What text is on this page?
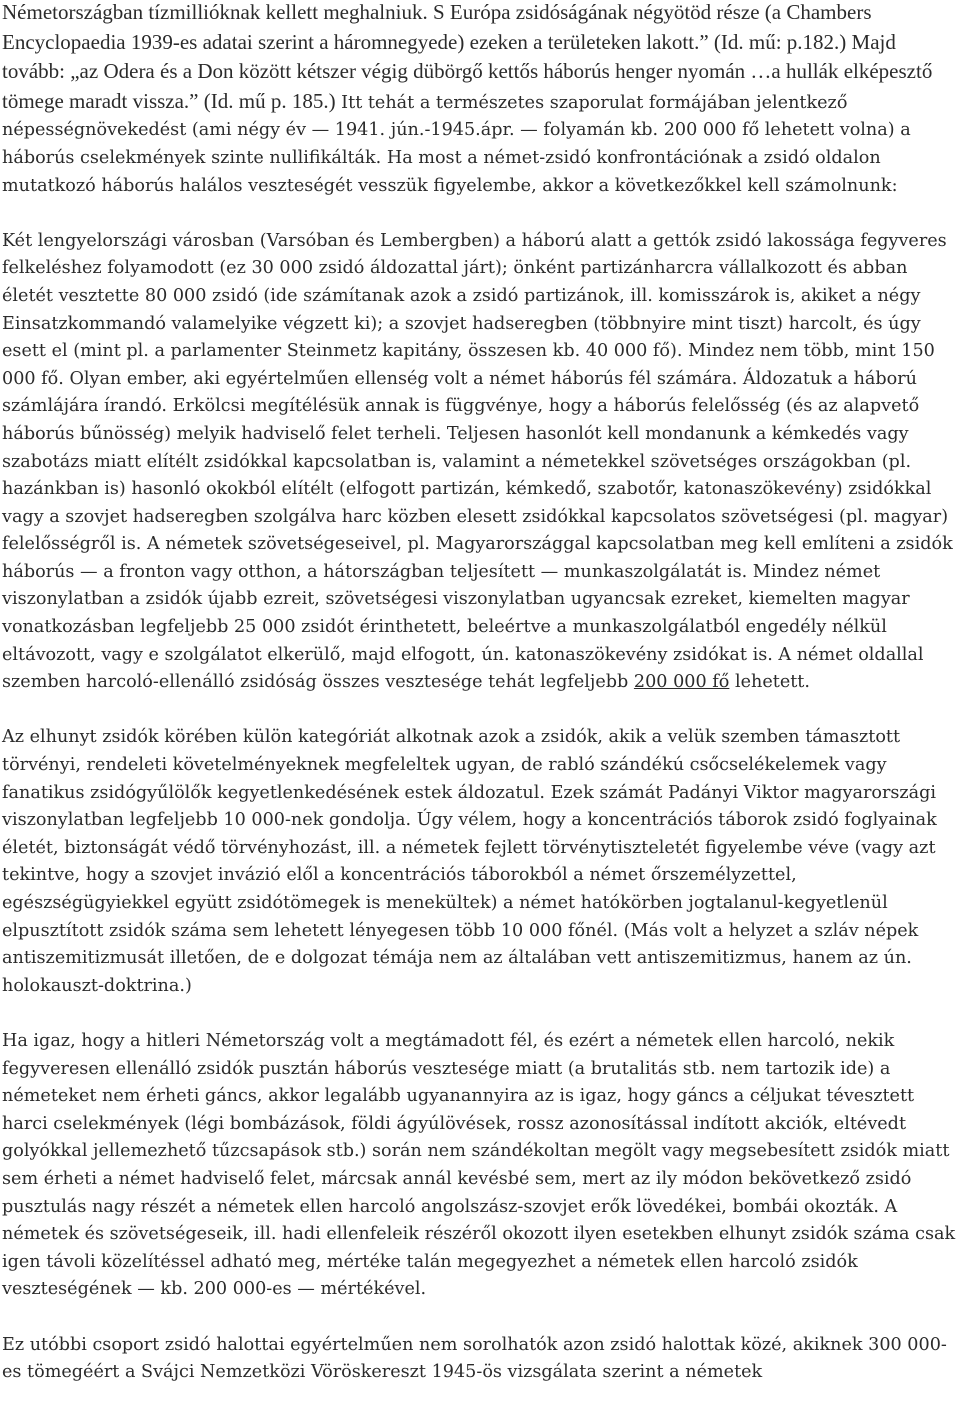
Németországban tízmillióknak kellett meghalniuk. S Európa zsidóságának négyötöd része (a Chambers Encyclopaedia 1939-es adatai szerint a háromnegyede) ezeken a területeken lakott.” (Id. mű: p.182.) Majd tovább: „az Odera és a Don között kétszer végig dübörgő kettős háborús henger nyomán …a hullák elképesztő tömege maradt vissza.” (Id. mű p. 185.) Itt tehát a természetes szaporulat formájában jelentkező népességnövekedést (ami négy év — 1941. jún.-1945.ápr. — folyamán kb. 200 000 fő lehetett volna) a háborús cselekmények szinte nullifikálták. Ha most a német-zsidó konfrontációnak a zsidó oldalon mutatkozó háborús halálos veszteségét vesszük figyelembe, akkor a következőkkel kell számolnunk:

Két lengyelországi városban (Varsóban és Lembergben) a háború alatt a gettók zsidó lakossága fegyveres felkeléshez folyamodott (ez 30 000 zsidó áldozattal járt); önként partizánharcra vállalkozott és abban életét vesztette 80 000 zsidó (ide számítanak azok a zsidó partizánok, ill. komisszárok is, akiket a négy Einsatzkommandó valamelyike végzett ki); a szovjet hadseregben (többnyire mint tiszt) harcolt, és úgy esett el (mint pl. a parlamenter Steinmetz kapitány, összesen kb. 40 000 fő). Mindez nem több, mint 150 000 fő. Olyan ember, aki egyértelműen ellenség volt a német háborús fél számára. Áldozatuk a háború számlájára írandó. Erkölcsi megítélésük annak is függvénye, hogy a háborús felelősség (és az alapvető háborús bűnösség) melyik hadviselő felet terheli. Teljesen hasonlót kell mondanunk a kémkedés vagy szabotázs miatt elítélt zsidókkal kapcsolatban is, valamint a németekkel szövetséges országokban (pl. hazánkban is) hasonló okokból elítélt (elfogott partizán, kémkedő, szabotőr, katonaszökevény) zsidókkal vagy a szovjet hadseregben szolgálva harc közben elesett zsidókkal kapcsolatos szövetségesi (pl. magyar) felelősségről is. A németek szövetségeseivel, pl. Magyarországgal kapcsolatban meg kell említeni a zsidók háborús — a fronton vagy otthon, a hátországban teljesített — munkaszolgálatát is. Mindez német viszonylatban a zsidók újabb ezreit, szövetségesi viszonylatban ugyancsak ezreket, kiemelten magyar vonatkozásban legfeljebb 25 000 zsidót érinthetett, beleértve a munkaszolgálatból engedély nélkül eltávozott, vagy e szolgálatot elkerülő, majd elfogott, ún. katonaszökevény zsidókat is. A német oldallal szemben harcoló-ellenálló zsidóság összes vesztesége tehát legfeljebb 200 000 fő lehetett.

Az elhunyt zsidók körében külön kategóriát alkotnak azok a zsidók, akik a velük szemben támasztott törvényi, rendeleti követelményeknek megfeleltek ugyan, de rabló szándékú csőcselékelemek vagy fanatikus zsidógyűlölők kegyetlenkedésének estek áldozatul. Ezek számát Padányi Viktor magyarországi viszonylatban legfeljebb 10 000-nek gondolja. Úgy vélem, hogy a koncentrációs táborok zsidó foglyainak életét, biztonságát védő törvényhozást, ill. a németek fejlett törvénytiszteletét figyelembe véve (vagy azt tekintve, hogy a szovjet invázió elől a koncentrációs táborokból a német őrszemélyzettel, egészségügyiekkel együtt zsidótömegek is menekültek) a német hatókörben jogtalanul-kegyetlenül elpusztított zsidók száma sem lehetett lényegesen több 10 000 főnél. (Más volt a helyzet a szláv népek antiszemitizmusát illetően, de e dolgozat témája nem az általában vett antiszemitizmus, hanem az ún. holokauszt-doktrina.)

Ha igaz, hogy a hitleri Németország volt a megtámadott fél, és ezért a németek ellen harcoló, nekik fegyveresen ellenálló zsidók pusztán háborús vesztesége miatt (a brutalitás stb. nem tartozik ide) a németeket nem érheti gáncs, akkor legalább ugyanannyira az is igaz, hogy gáncs a céljukat tévesztett harci cselekmények (légi bombázások, földi ágyúlövések, rossz azonosítással indított akciók, eltévedt golyókkal jellemezhető tűzcsapások stb.) során nem szándékoltan megölt vagy megsebesített zsidók miatt sem érheti a német hadviselő felet, márcsak annál kevésbé sem, mert az ily módon bekövetkező zsidó pusztulás nagy részét a németek ellen harcoló angolszász-szovjet erők lövedékei, bombái okozták. A németek és szövetségeseik, ill. hadi ellenfeleik részéről okozott ilyen esetekben elhunyt zsidók száma csak igen távoli közelítéssel adható meg, mértéke talán megegyezhet a németek ellen harcoló zsidók veszteségének — kb. 200 000-es — mértékével.

Ez utóbbi csoport zsidó halottai egyértelműen nem sorolhatók azon zsidó halottak közé, akiknek 300 000-es tömegéért a Svájci Nemzetközi Vöröskereszt 1945-ös vizsgálata szerint a németek
